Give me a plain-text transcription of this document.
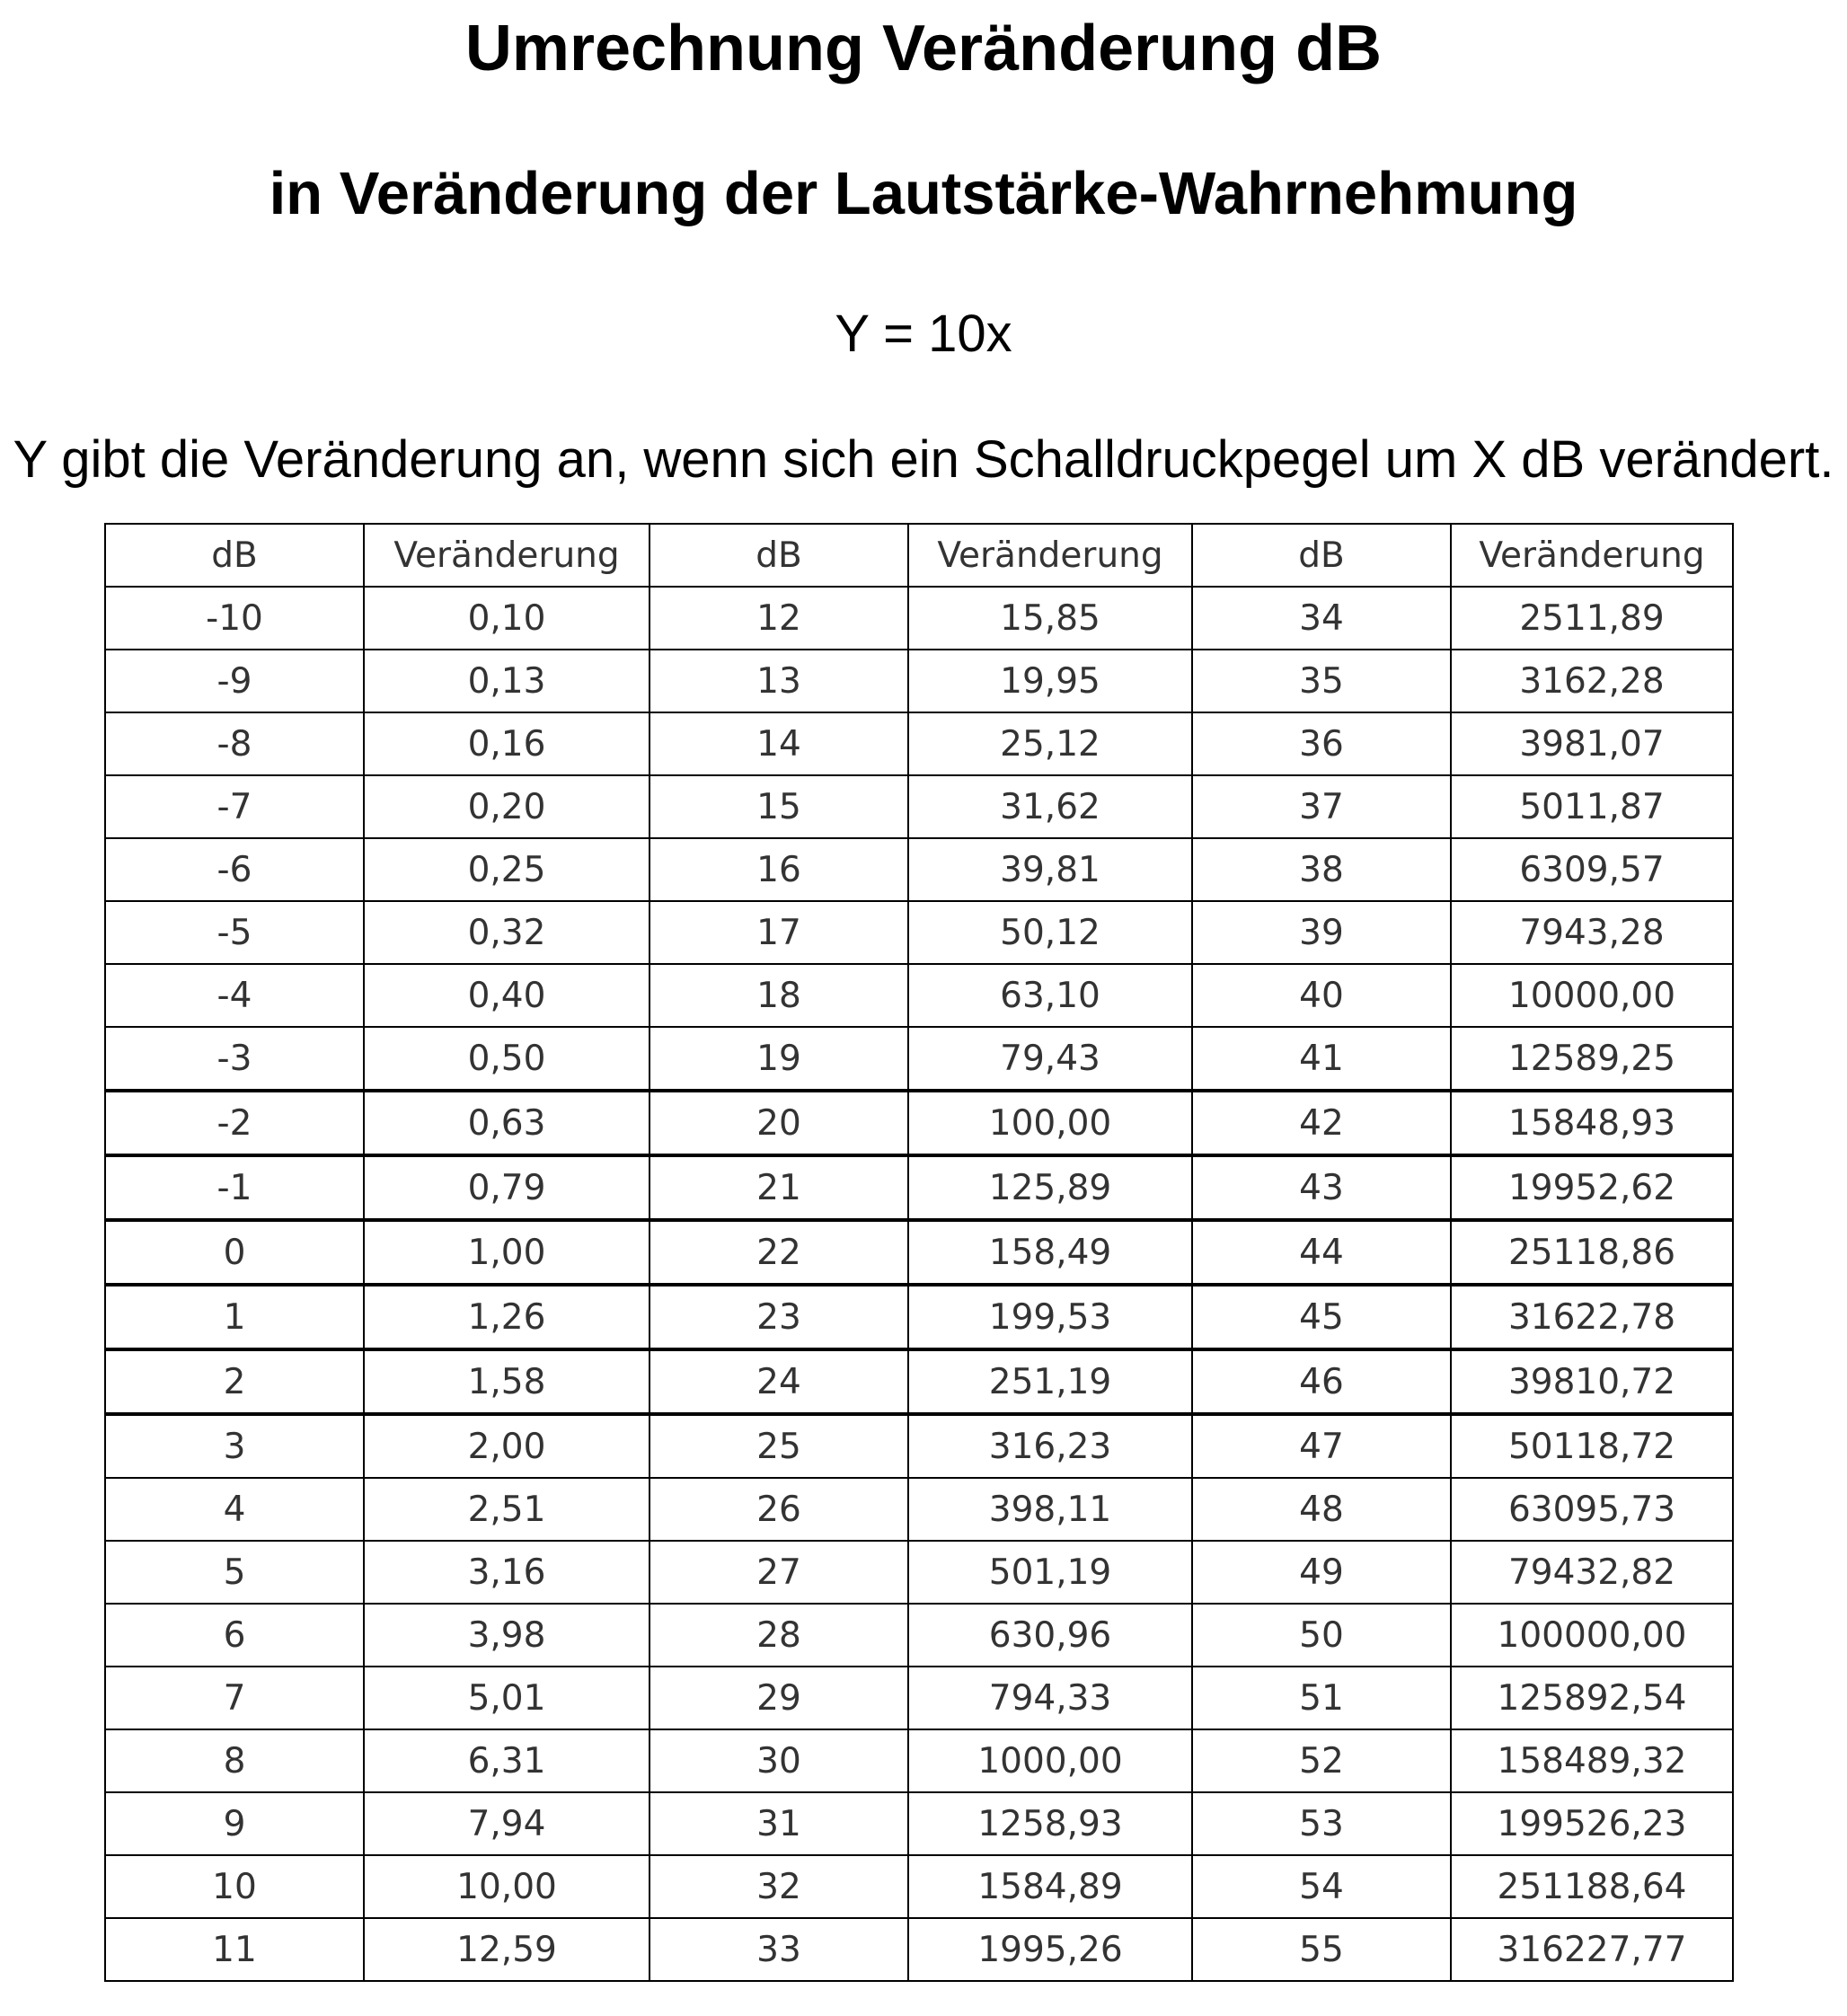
Umrechnung Veränderung dB
in Veränderung der Lautstärke-Wahrnehmung
Y = 10x
Y gibt die Veränderung an, wenn sich ein Schalldruckpegel um X dB verändert.
dB	Veränderung	dB	Veränderung	dB	Veränderung
-10	0,10	12	15,85	34	2511,89
-9	0,13	13	19,95	35	3162,28
-8	0,16	14	25,12	36	3981,07
-7	0,20	15	31,62	37	5011,87
-6	0,25	16	39,81	38	6309,57
-5	0,32	17	50,12	39	7943,28
-4	0,40	18	63,10	40	10000,00
-3	0,50	19	79,43	41	12589,25
-2	0,63	20	100,00	42	15848,93
-1	0,79	21	125,89	43	19952,62
0	1,00	22	158,49	44	25118,86
1	1,26	23	199,53	45	31622,78
2	1,58	24	251,19	46	39810,72
3	2,00	25	316,23	47	50118,72
4	2,51	26	398,11	48	63095,73
5	3,16	27	501,19	49	79432,82
6	3,98	28	630,96	50	100000,00
7	5,01	29	794,33	51	125892,54
8	6,31	30	1000,00	52	158489,32
9	7,94	31	1258,93	53	199526,23
10	10,00	32	1584,89	54	251188,64
11	12,59	33	1995,26	55	316227,77
